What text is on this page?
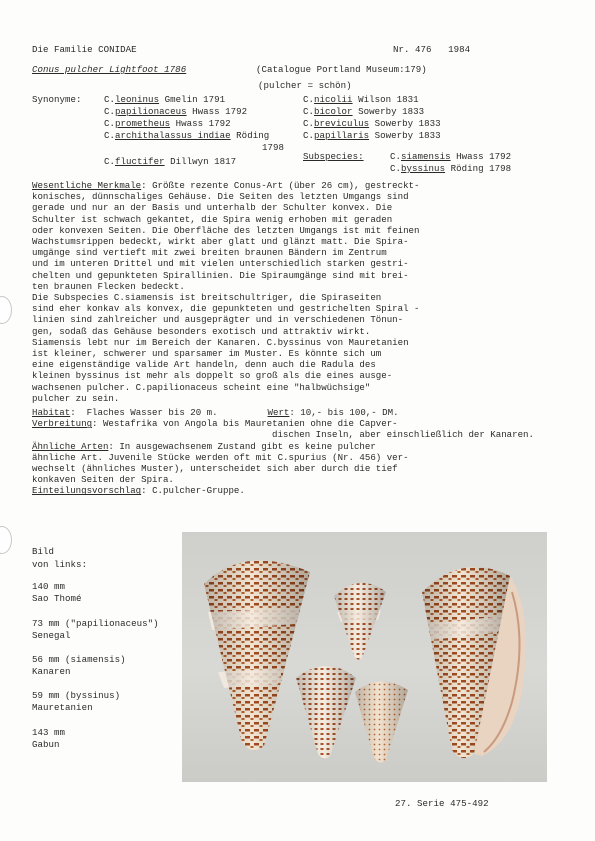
Die Familie CONIDAE	Nr. 476   1984
Conus pulcher Lightfoot 1786	(Catalogue Portland Museum:179)
(pulcher = schön)
Synonyme: C.leoninus Gmelin 1791
C.papilionaceus Hwass 1792
C.prometheus Hwass 1792
C.archithalassus indiae Röding
1798
C.fluctifer Dillwyn 1817
C.nicolii Wilson 1831
C.bicolor Sowerby 1833
C.breviculus Sowerby 1833
C.papillaris Sowerby 1833
Subspecies:	C.siamensis Hwass 1792
C.byssinus Röding 1798
Wesentliche Merkmale: Größte rezente Conus-Art (über 26 cm), gestreckt-
konisches, dünnschaliges Gehäuse. Die Seiten des letzten Umgangs sind
gerade und nur an der Basis und unterhalb der Schulter konvex. Die
Schulter ist schwach gekantet, die Spira wenig erhoben mit geraden
oder konvexen Seiten. Die Oberfläche des letzten Umgangs ist mit feinen
Wachstumsrippen bedeckt, wirkt aber glatt und glänzt matt. Die Spira-
umgänge sind vertieft mit zwei breiten braunen Bändern im Zentrum
und im unteren Drittel und mit vielen unterschiedlich starken gestri-
chelten und gepunkteten Spirallinien. Die Spiraumgänge sind mit brei-
ten braunen Flecken bedeckt.
Die Subspecies C.siamensis ist breitschultriger, die Spiraseiten
sind eher konkav als konvex, die gepunkteten und gestrichelten Spiral -
linien sind zahlreicher und ausgeprägter und in verschiedenen Tönun-
gen, sodaß das Gehäuse besonders exotisch und attraktiv wirkt.
Siamensis lebt nur im Bereich der Kanaren. C.byssinus von Mauretanien
ist kleiner, schwerer und sparsamer im Muster. Es könnte sich um
eine eigenständige valide Art handeln, denn auch die Radula des
kleinen byssinus ist mehr als doppelt so groß als die eines ausge-
wachsenen pulcher. C.papilionaceus scheint eine "halbwüchsige"
pulcher zu sein.
Habitat:  Flaches Wasser bis 20 m.	Wert: 10,- bis 100,- DM.
Verbreitung: Westafrika von Angola bis Mauretanien ohne die Capver-
dischen Inseln, aber einschließlich der Kanaren.
Ähnliche Arten: In ausgewachsenem Zustand gibt es keine pulcher
ähnliche Art. Juvenile Stücke werden oft mit C.spurius (Nr. 456) ver-
wechselt (ähnliches Muster), unterscheidet sich aber durch die tief
konkaven Seiten der Spira.
Einteilungsvorschlag: C.pulcher-Gruppe.
Bild
von links:
140 mm
Sao Thomé
73 mm ("papilionaceus")
Senegal
56 mm (siamensis)
Kanaren
59 mm (byssinus)
Mauretanien
143 mm
Gabun
27. Serie 475-492
